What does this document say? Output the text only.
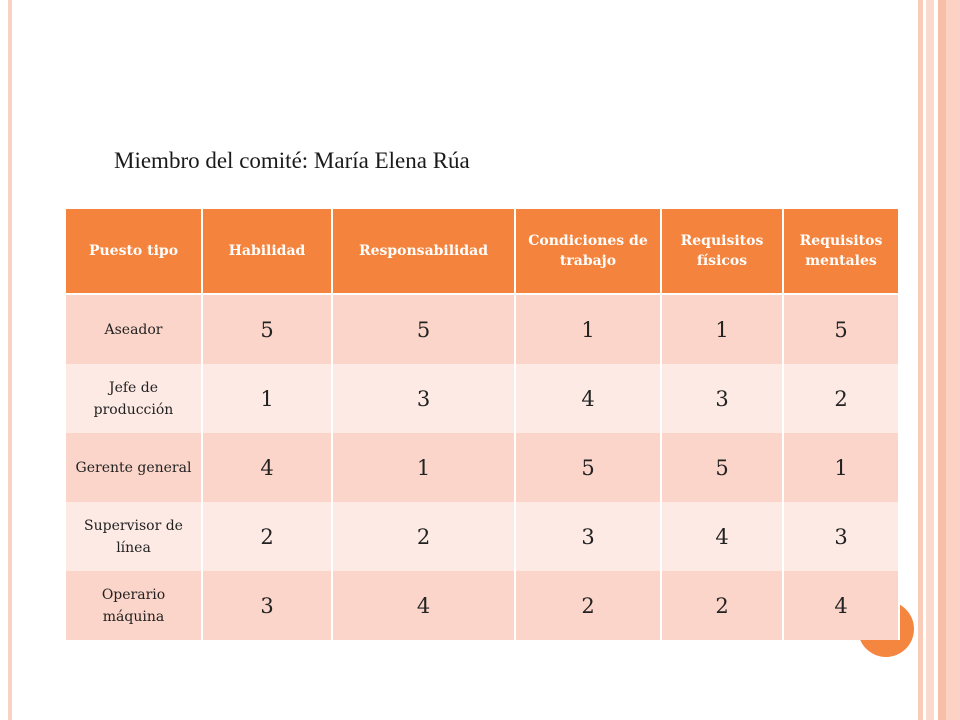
Miembro del comité: María Elena Rúa
Puesto tipo	Habilidad	Responsabilidad	Condiciones de trabajo	Requisitos físicos	Requisitos mentales
Aseador	5	5	1	1	5
Jefe de producción	1	3	4	3	2
Gerente general	4	1	5	5	1
Supervisor de línea	2	2	3	4	3
Operario máquina	3	4	2	2	4
